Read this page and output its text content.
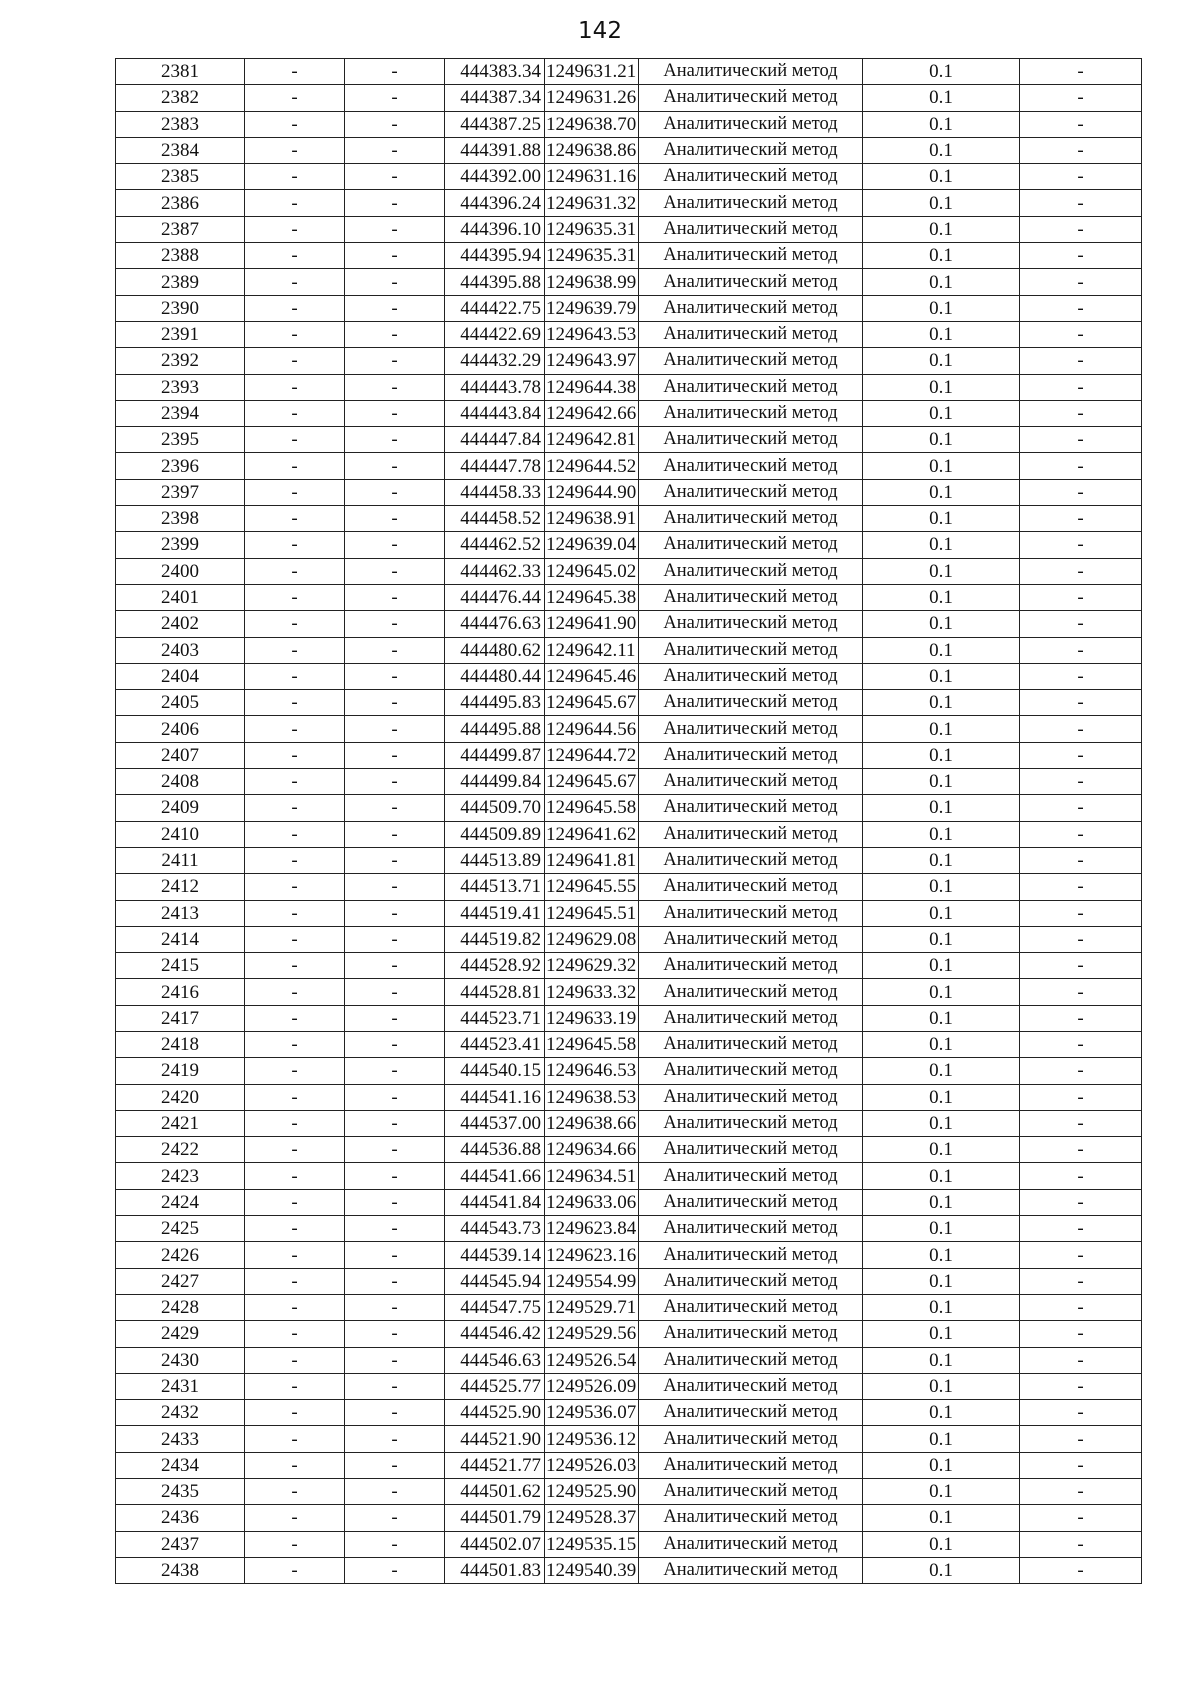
142
2381	-	-	444383.34	1249631.21	Аналитический метод	0.1	-
2382	-	-	444387.34	1249631.26	Аналитический метод	0.1	-
2383	-	-	444387.25	1249638.70	Аналитический метод	0.1	-
2384	-	-	444391.88	1249638.86	Аналитический метод	0.1	-
2385	-	-	444392.00	1249631.16	Аналитический метод	0.1	-
2386	-	-	444396.24	1249631.32	Аналитический метод	0.1	-
2387	-	-	444396.10	1249635.31	Аналитический метод	0.1	-
2388	-	-	444395.94	1249635.31	Аналитический метод	0.1	-
2389	-	-	444395.88	1249638.99	Аналитический метод	0.1	-
2390	-	-	444422.75	1249639.79	Аналитический метод	0.1	-
2391	-	-	444422.69	1249643.53	Аналитический метод	0.1	-
2392	-	-	444432.29	1249643.97	Аналитический метод	0.1	-
2393	-	-	444443.78	1249644.38	Аналитический метод	0.1	-
2394	-	-	444443.84	1249642.66	Аналитический метод	0.1	-
2395	-	-	444447.84	1249642.81	Аналитический метод	0.1	-
2396	-	-	444447.78	1249644.52	Аналитический метод	0.1	-
2397	-	-	444458.33	1249644.90	Аналитический метод	0.1	-
2398	-	-	444458.52	1249638.91	Аналитический метод	0.1	-
2399	-	-	444462.52	1249639.04	Аналитический метод	0.1	-
2400	-	-	444462.33	1249645.02	Аналитический метод	0.1	-
2401	-	-	444476.44	1249645.38	Аналитический метод	0.1	-
2402	-	-	444476.63	1249641.90	Аналитический метод	0.1	-
2403	-	-	444480.62	1249642.11	Аналитический метод	0.1	-
2404	-	-	444480.44	1249645.46	Аналитический метод	0.1	-
2405	-	-	444495.83	1249645.67	Аналитический метод	0.1	-
2406	-	-	444495.88	1249644.56	Аналитический метод	0.1	-
2407	-	-	444499.87	1249644.72	Аналитический метод	0.1	-
2408	-	-	444499.84	1249645.67	Аналитический метод	0.1	-
2409	-	-	444509.70	1249645.58	Аналитический метод	0.1	-
2410	-	-	444509.89	1249641.62	Аналитический метод	0.1	-
2411	-	-	444513.89	1249641.81	Аналитический метод	0.1	-
2412	-	-	444513.71	1249645.55	Аналитический метод	0.1	-
2413	-	-	444519.41	1249645.51	Аналитический метод	0.1	-
2414	-	-	444519.82	1249629.08	Аналитический метод	0.1	-
2415	-	-	444528.92	1249629.32	Аналитический метод	0.1	-
2416	-	-	444528.81	1249633.32	Аналитический метод	0.1	-
2417	-	-	444523.71	1249633.19	Аналитический метод	0.1	-
2418	-	-	444523.41	1249645.58	Аналитический метод	0.1	-
2419	-	-	444540.15	1249646.53	Аналитический метод	0.1	-
2420	-	-	444541.16	1249638.53	Аналитический метод	0.1	-
2421	-	-	444537.00	1249638.66	Аналитический метод	0.1	-
2422	-	-	444536.88	1249634.66	Аналитический метод	0.1	-
2423	-	-	444541.66	1249634.51	Аналитический метод	0.1	-
2424	-	-	444541.84	1249633.06	Аналитический метод	0.1	-
2425	-	-	444543.73	1249623.84	Аналитический метод	0.1	-
2426	-	-	444539.14	1249623.16	Аналитический метод	0.1	-
2427	-	-	444545.94	1249554.99	Аналитический метод	0.1	-
2428	-	-	444547.75	1249529.71	Аналитический метод	0.1	-
2429	-	-	444546.42	1249529.56	Аналитический метод	0.1	-
2430	-	-	444546.63	1249526.54	Аналитический метод	0.1	-
2431	-	-	444525.77	1249526.09	Аналитический метод	0.1	-
2432	-	-	444525.90	1249536.07	Аналитический метод	0.1	-
2433	-	-	444521.90	1249536.12	Аналитический метод	0.1	-
2434	-	-	444521.77	1249526.03	Аналитический метод	0.1	-
2435	-	-	444501.62	1249525.90	Аналитический метод	0.1	-
2436	-	-	444501.79	1249528.37	Аналитический метод	0.1	-
2437	-	-	444502.07	1249535.15	Аналитический метод	0.1	-
2438	-	-	444501.83	1249540.39	Аналитический метод	0.1	-
